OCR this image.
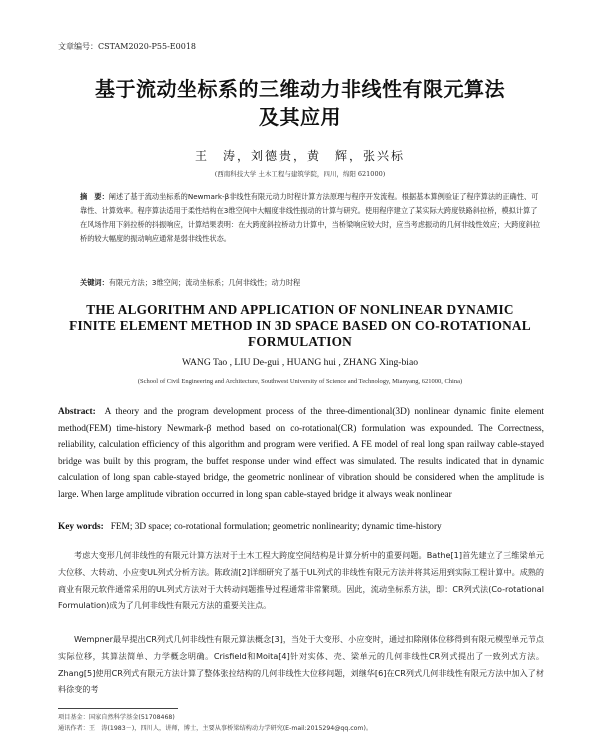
文章编号：CSTAM2020-P55-E0018
基于流动坐标系的三维动力非线性有限元算法
及其应用
王　涛，刘德贵，黄　辉，张兴标
(西南科技大学 土木工程与建筑学院，四川，绵阳 621000)

摘　要：阐述了基于流动坐标系的Newmark-β非线性有限元动力时程计算方法原理与程序开发流程。根据基本算例验证了程序算法的正确性、可靠性、计算效率。程序算法适用于柔性结构在3维空间中大幅度非线性振动的计算与研究。使用程序建立了某实际大跨度铁路斜拉桥，模拟计算了在风场作用下斜拉桥的抖振响应，计算结果表明：在大跨度斜拉桥动力计算中，当桥梁响应较大时，应当考虑振动的几何非线性效应；大跨度斜拉桥的较大幅度的振动响应通常是弱非线性状态。

关键词：有限元方法；3维空间；流动坐标系；几何非线性；动力时程
THE ALGORITHM AND APPLICATION OF NONLINEAR DYNAMIC
FINITE ELEMENT METHOD IN 3D SPACE BASED ON CO-ROTATIONAL
FORMULATION
WANG Tao , LIU De-gui , HUANG hui , ZHANG Xing-biao
(School of Civil Engineering and Architecture, Southwest University of Science and Technology, Mianyang, 621000, China)

Abstract: A theory and the program development process of the three-dimentional(3D) nonlinear dynamic finite element method(FEM) time-history Newmark-β method based on co-rotational(CR) formulation was expounded. The Correctness, reliability, calculation efficiency of this algorithm and program were verified. A FE model of real long span railway cable-stayed bridge was built by this program, the buffet response under wind effect was simulated. The results indicated that in dynamic calculation of long span cable-stayed bridge, the geometric nonlinear of vibration should be considered when the amplitude is large. When large amplitude vibration occurred in long span cable-stayed bridge it always weak nonlinear

Key words: FEM; 3D space; co-rotational formulation; geometric nonlinearity; dynamic time-history

考虑大变形几何非线性的有限元计算方法对于土木工程大跨度空间结构是计算分析中的重要问题。Bathe[1]首先建立了三维梁单元大位移、大转动、小应变UL列式分析方法。陈政清[2]详细研究了基于UL列式的非线性有限元方法并将其运用到实际工程计算中。成熟的商业有限元软件通常采用的UL列式方法对于大转动问题推导过程通常非常繁琐。因此，流动坐标系方法，即：CR列式法(Co-rotational Formulation)成为了几何非线性有限元方法的重要关注点。

Wempner最早提出CR列式几何非线性有限元算法概念[3]，当处于大变形、小应变时，通过扣除刚体位移得到有限元模型单元节点实际位移，其算法简单、力学概念明确。Crisfield和Moita[4]针对实体、壳、梁单元的几何非线性CR列式提出了一致列式方法。Zhang[5]使用CR列式有限元方法计算了整体张拉结构的几何非线性大位移问题，刘继华[6]在CR列式几何非线性有限元方法中加入了材料徐变的考

项目基金：国家自然科学基金(51708468)
通讯作者：王　涛(1983－)，四川人，讲师，博士，主要从事桥梁结构动力学研究(E-mail:2015294@qq.com)。
